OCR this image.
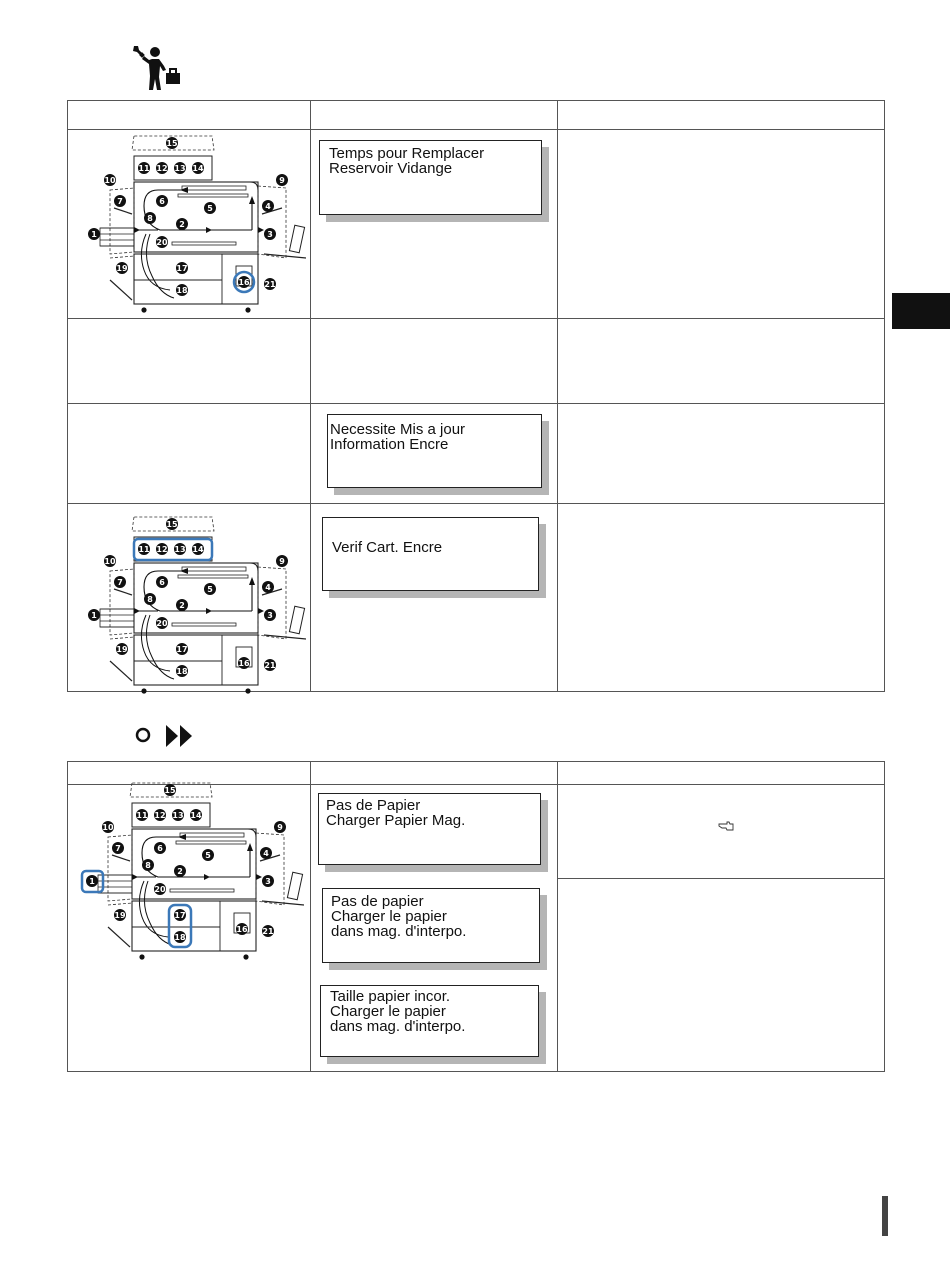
Temps pour Remplacer
Reservoir Vidange
Necessite Mis a jour
Information Encre
Verif Cart. Encre
Pas de Papier
Charger Papier Mag.
Pas de papier
Charger le papier
dans mag. d'interpo.
Taille papier incor.
Charger le papier
dans mag. d'interpo.
